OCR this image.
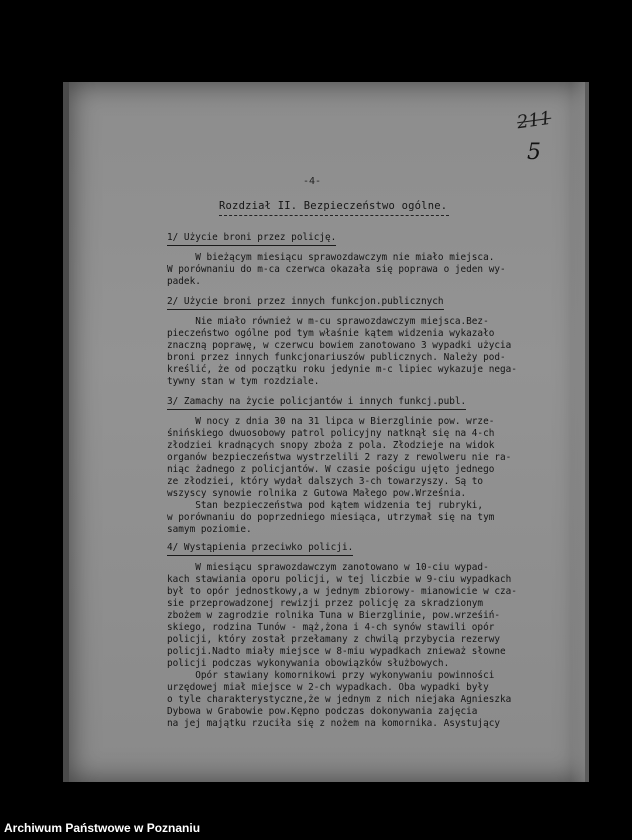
211
5
-4-
Rozdział II. Bezpieczeństwo ogólne.
1/ Użycie broni przez policję.
W bieżącym miesiącu sprawozdawczym nie miało miejsca.
W porównaniu do m-ca czerwca okazała się poprawa o jeden wy-
padek.
2/ Użycie broni przez innych funkcjon.publicznych
Nie miało również w m-cu sprawozdawczym miejsca.Bez-
pieczeństwo ogólne pod tym właśnie kątem widzenia wykazało
znaczną poprawę, w czerwcu bowiem zanotowano 3 wypadki użycia
broni przez innych funkcjonariuszów publicznych. Należy pod-
kreślić, że od początku roku jedynie m-c lipiec wykazuje nega-
tywny stan w tym rozdziale.
3/ Zamachy na życie policjantów i innych funkcj.publ.
W nocy z dnia 30 na 31 lipca w Bierzglinie pow. wrze-
śnińskiego dwuosobowy patrol policyjny natknął się na 4-ch
złodziei kradnących snopy zboża z pola. Złodzieje na widok
organów bezpieczeństwa wystrzelili 2 razy z rewolweru nie ra-
niąc żadnego z policjantów. W czasie pościgu ujęto jednego
ze złodziei, który wydał dalszych 3-ch towarzyszy. Są to
wszyscy synowie rolnika z Gutowa Małego pow.Września.
Stan bezpieczeństwa pod kątem widzenia tej rubryki,
w porównaniu do poprzedniego miesiąca, utrzymał się na tym
samym poziomie.
4/ Wystąpienia przeciwko policji.
W miesiącu sprawozdawczym zanotowano w 10-ciu wypad-
kach stawiania oporu policji, w tej liczbie w 9-ciu wypadkach
był to opór jednostkowy,a w jednym zbiorowy- mianowicie w cza-
sie przeprowadzonej rewizji przez policję za skradzionym
zbożem w zagrodzie rolnika Tuna w Bierzglinie, pow.wrześiń-
skiego, rodzina Tunów - mąż,żona i 4-ch synów stawili opór
policji, który został przełamany z chwilą przybycia rezerwy
policji.Nadto miały miejsce w 8-miu wypadkach znieważ słowne
policji podczas wykonywania obowiązków służbowych.
Opór stawiany komornikowi przy wykonywaniu powinności
urzędowej miał miejsce w 2-ch wypadkach. Oba wypadki były
o tyle charakterystyczne,że w jednym z nich niejaka Agnieszka
Dybowa w Grabowie pow.Kępno podczas dokonywania zajęcia
na jej majątku rzuciła się z nożem na komornika. Asystujący
Archiwum Państwowe w Poznaniu
